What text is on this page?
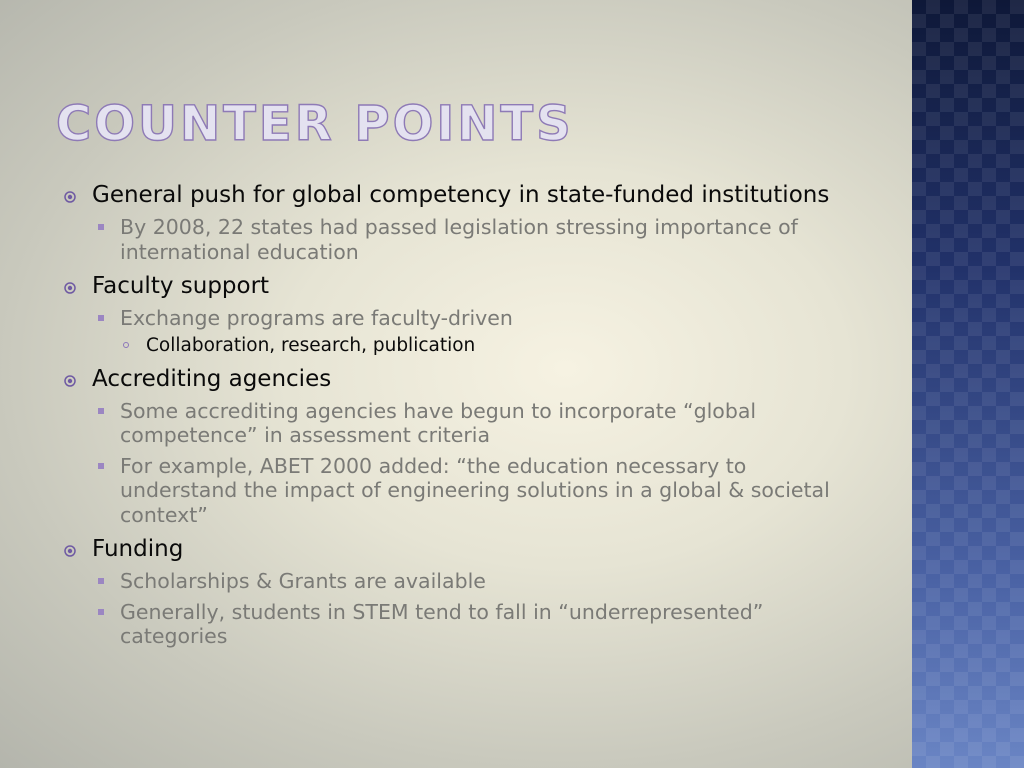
COUNTER POINTS
General push for global competency in state-funded institutions
By 2008, 22 states had passed legislation stressing importance of international education
Faculty support
Exchange programs are faculty-driven
Collaboration, research, publication
Accrediting agencies
Some accrediting agencies have begun to incorporate “global competence” in assessment criteria
For example, ABET 2000 added: “the education necessary to understand the impact of engineering solutions in a global & societal context”
Funding
Scholarships & Grants are available
Generally, students in STEM tend to fall in “underrepresented” categories
